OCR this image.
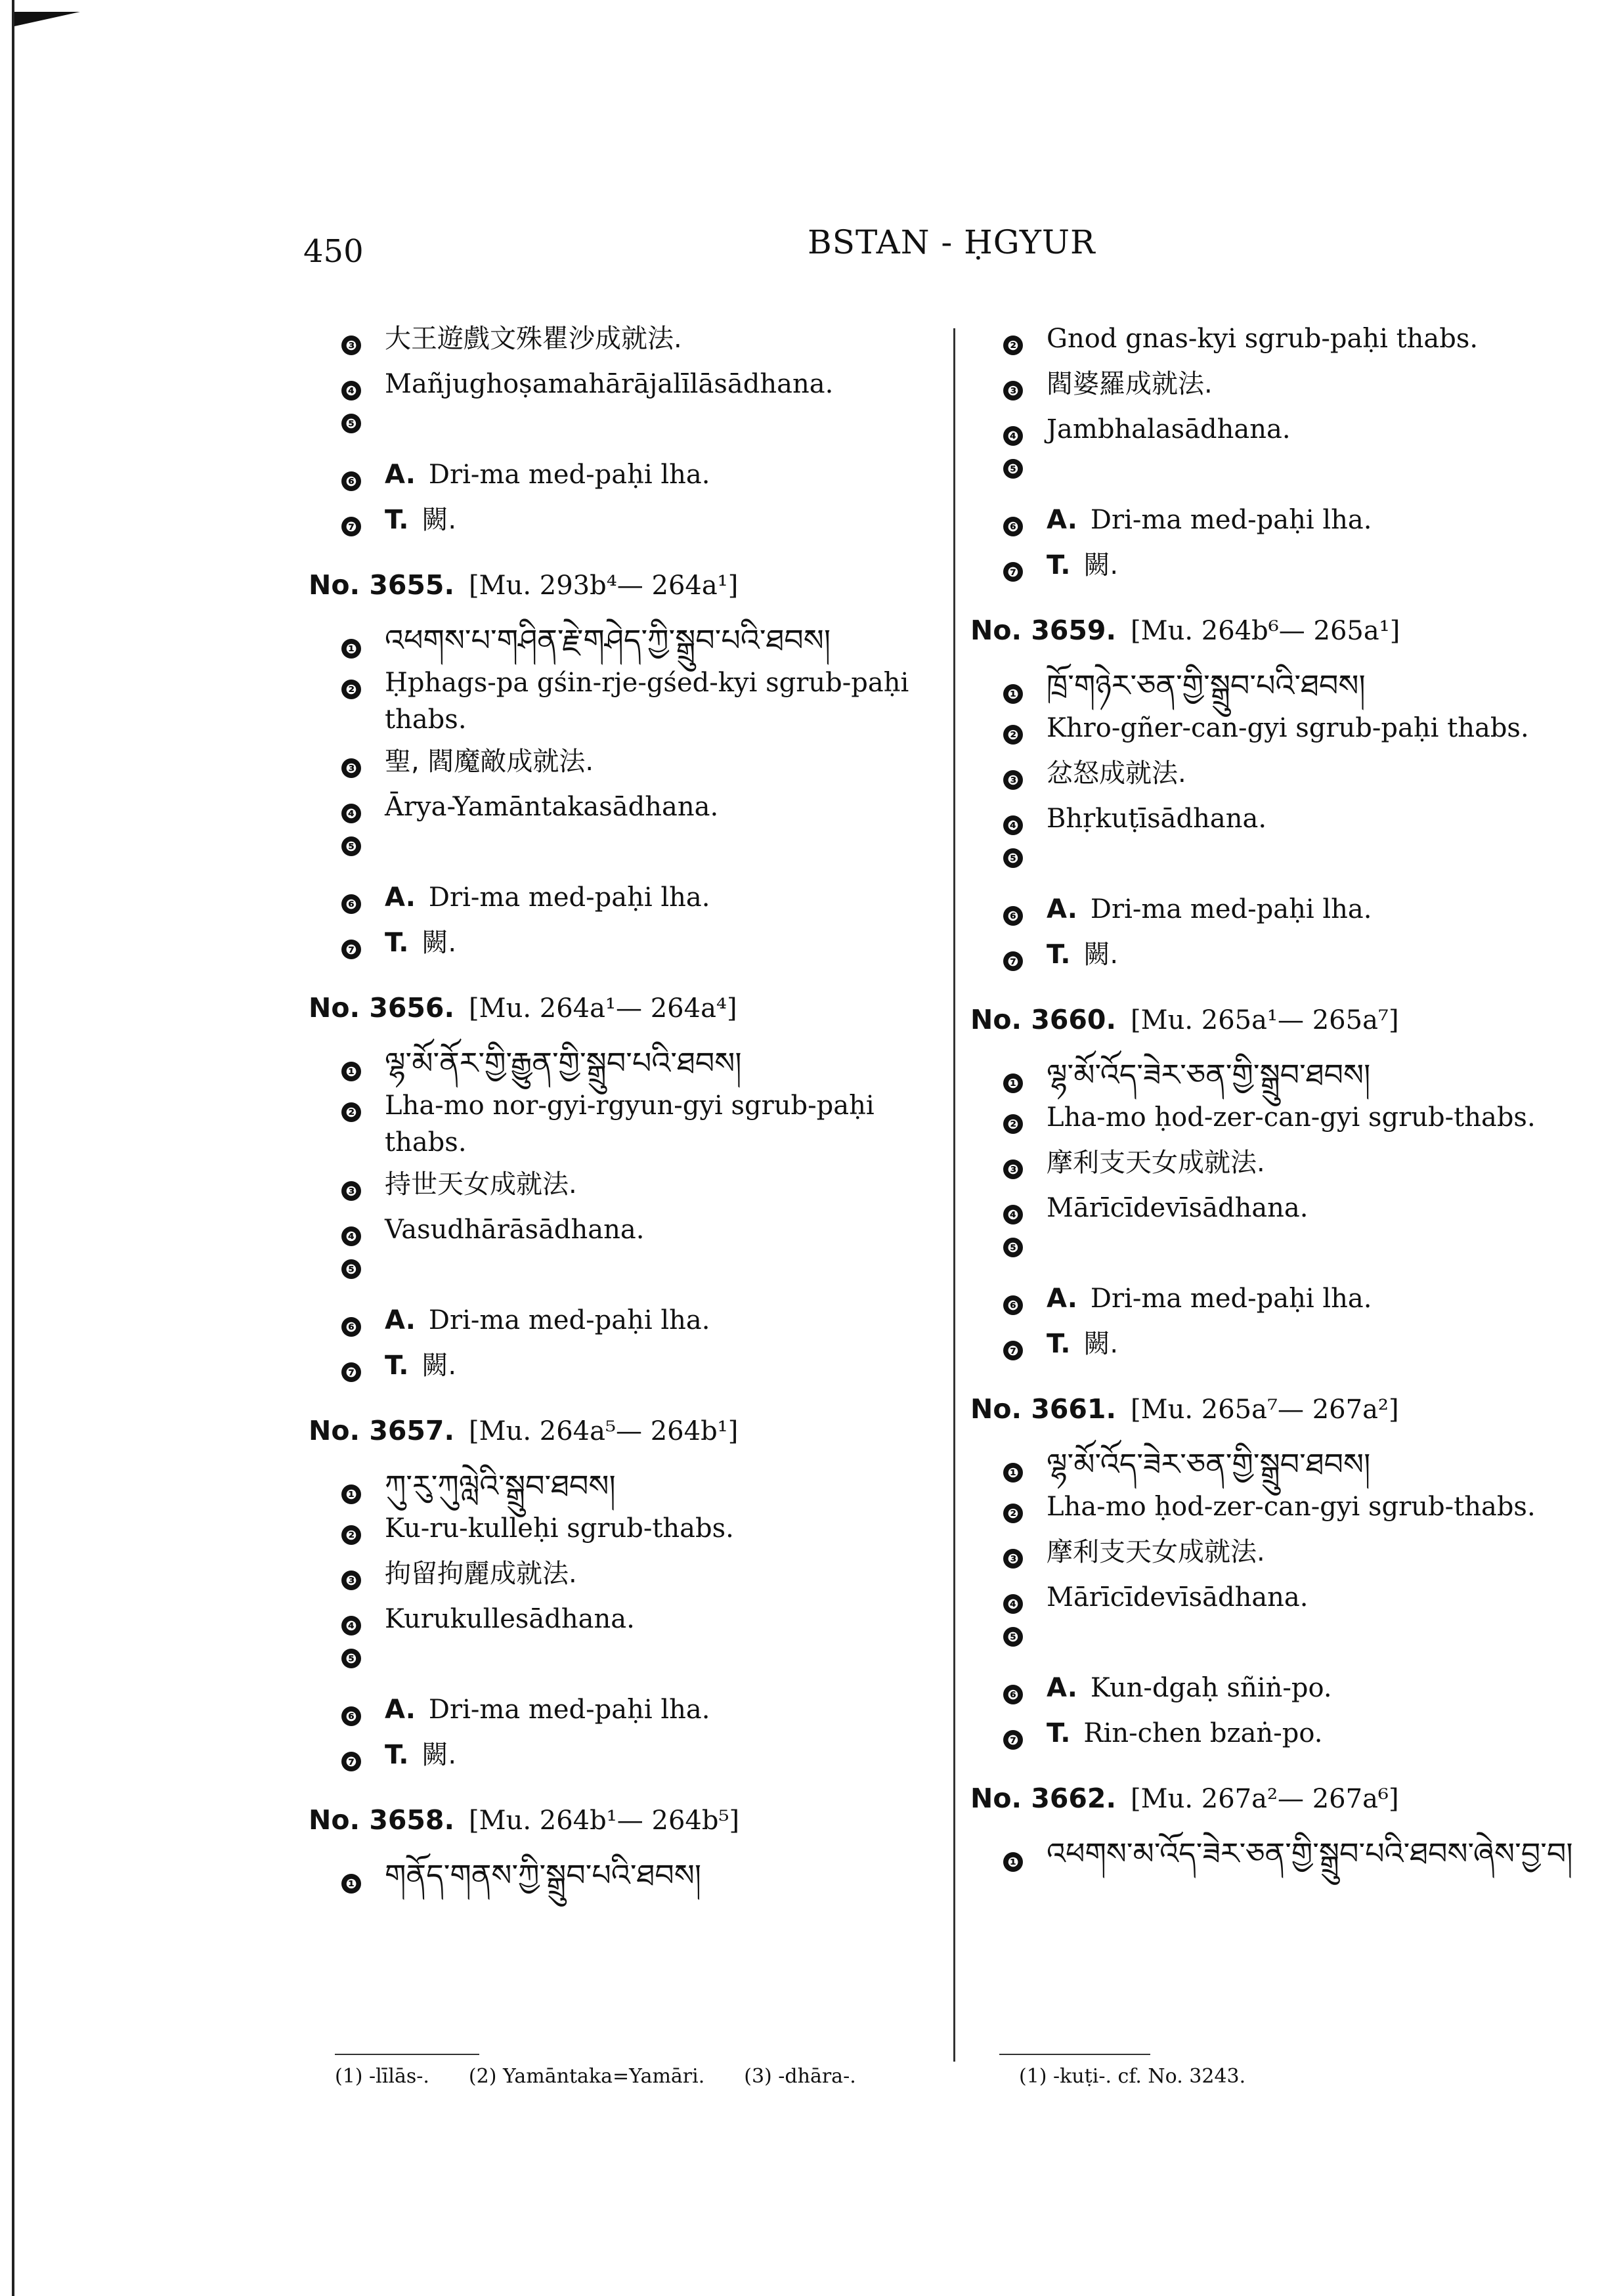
450	BSTAN - ḤGYUR
❸ 大王遊戲文殊瞿沙成就法.
❹ Mañjughoṣamahārājalīlāsādhana.
❺
❻ A. Dri-ma med-paḥi lha.
❼ T. 闕.
No. 3655. [Mu. 293b⁴— 264a¹]
❶ འཕགས་པ་གཤིན་རྗེ་གཤེད་ཀྱི་སྒྲུབ་པའི་ཐབས།
❷ Ḥphags-pa gśin-rje-gśed-kyi sgrub-paḥi thabs.
❸ 聖, 閻魔敵成就法.
❹ Ārya-Yamāntakasādhana.
❺
❻ A. Dri-ma med-paḥi lha.
❼ T. 闕.
No. 3656. [Mu. 264a¹— 264a⁴]
❶ ལྷ་མོ་ནོར་གྱི་རྒྱུན་གྱི་སྒྲུབ་པའི་ཐབས།
❷ Lha-mo nor-gyi-rgyun-gyi sgrub-paḥi thabs.
❸ 持世天女成就法.
❹ Vasudhārāsādhana.
❺
❻ A. Dri-ma med-paḥi lha.
❼ T. 闕.
No. 3657. [Mu. 264a⁵— 264b¹]
❶ ཀུ་རུ་ཀུལླེའི་སྒྲུབ་ཐབས།
❷ Ku-ru-kulleḥi sgrub-thabs.
❸ 拘留拘麗成就法.
❹ Kurukullesādhana.
❺
❻ A. Dri-ma med-paḥi lha.
❼ T. 闕.
No. 3658. [Mu. 264b¹— 264b⁵]
❶ གནོད་གནས་ཀྱི་སྒྲུབ་པའི་ཐབས།
❷ Gnod gnas-kyi sgrub-paḥi thabs.
❸ 閻婆羅成就法.
❹ Jambhalasādhana.
❺
❻ A. Dri-ma med-paḥi lha.
❼ T. 闕.
No. 3659. [Mu. 264b⁶— 265a¹]
❶ ཁྲོ་གཉེར་ཅན་གྱི་སྒྲུབ་པའི་ཐབས།
❷ Khro-gñer-can-gyi sgrub-paḥi thabs.
❸ 忿怒成就法.
❹ Bhṛkuṭīsādhana.
❺
❻ A. Dri-ma med-paḥi lha.
❼ T. 闕.
No. 3660. [Mu. 265a¹— 265a⁷]
❶ ལྷ་མོ་འོད་ཟེར་ཅན་གྱི་སྒྲུབ་ཐབས།
❷ Lha-mo ḥod-zer-can-gyi sgrub-thabs.
❸ 摩利支天女成就法.
❹ Mārīcīdevīsādhana.
❺
❻ A. Dri-ma med-paḥi lha.
❼ T. 闕.
No. 3661. [Mu. 265a⁷— 267a²]
❶ ལྷ་མོ་འོད་ཟེར་ཅན་གྱི་སྒྲུབ་ཐབས།
❷ Lha-mo ḥod-zer-can-gyi sgrub-thabs.
❸ 摩利支天女成就法.
❹ Mārīcīdevīsādhana.
❺
❻ A. Kun-dgaḥ sñiṅ-po.
❼ T. Rin-chen bzaṅ-po.
No. 3662. [Mu. 267a²— 267a⁶]
❶ འཕགས་མ་འོད་ཟེར་ཅན་གྱི་སྒྲུབ་པའི་ཐབས་ཞེས་བྱ་བ།
(1) -līlās-. (2) Yamāntaka=Yamāri. (3) -dhāra-.	(1) -kuṭi-. cf. No. 3243.
